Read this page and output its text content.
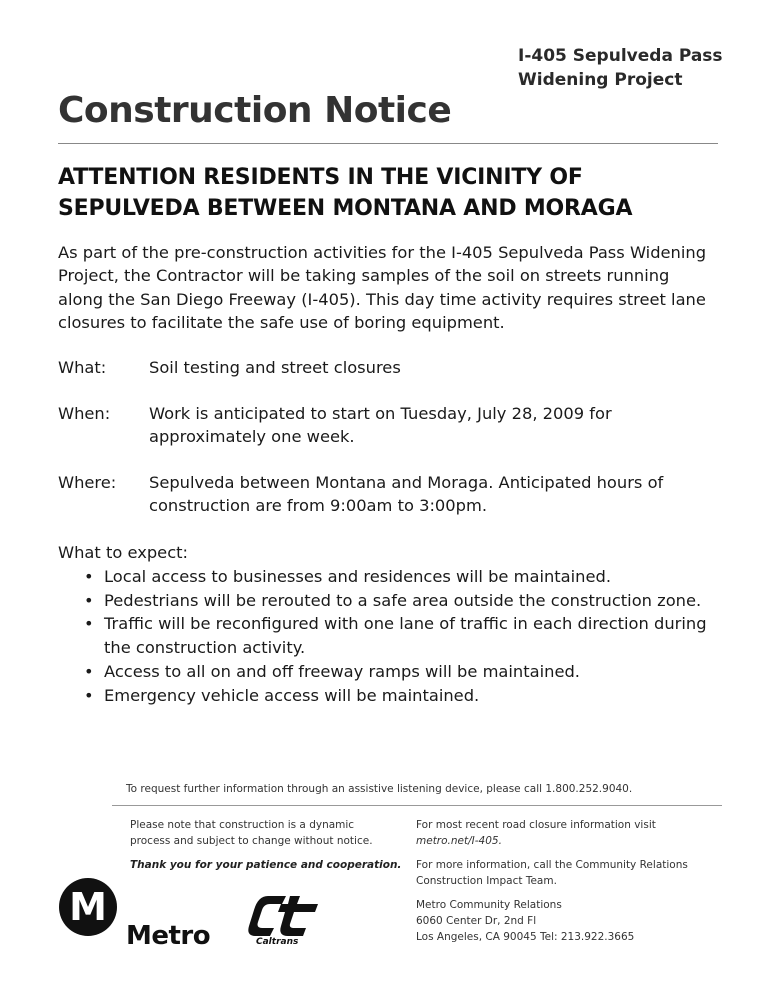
I-405 Sepulveda Pass
Widening Project
Construction Notice
ATTENTION RESIDENTS IN THE VICINITY OF
SEPULVEDA BETWEEN MONTANA AND MORAGA
As part of the pre-construction activities for the I-405 Sepulveda Pass Widening
Project, the Contractor will be taking samples of the soil on streets running
along the San Diego Freeway (I-405). This day time activity requires street lane
closures to facilitate the safe use of boring equipment.
What:	Soil testing and street closures
When: Work is anticipated to start on Tuesday, July 28, 2009 for
approximately one week.
Where: Sepulveda between Montana and Moraga. Anticipated hours of
construction are from 9:00am to 3:00pm.
What to expect:
• Local access to businesses and residences will be maintained.
• Pedestrians will be rerouted to a safe area outside the construction zone.
• Traffic will be reconfigured with one lane of traffic in each direction during
the construction activity.
• Access to all on and off freeway ramps will be maintained.
• Emergency vehicle access will be maintained.
To request further information through an assistive listening device, please call 1.800.252.9040.
Please note that construction is a dynamic
process and subject to change without notice.
Thank you for your patience and cooperation.
For most recent road closure information visit
metro.net/I-405.
For more information, call the Community Relations
Construction Impact Team.
Metro Community Relations
6060 Center Dr, 2nd Fl
Los Angeles, CA 90045 Tel: 213.922.3665
M
Metro	Caltrans
